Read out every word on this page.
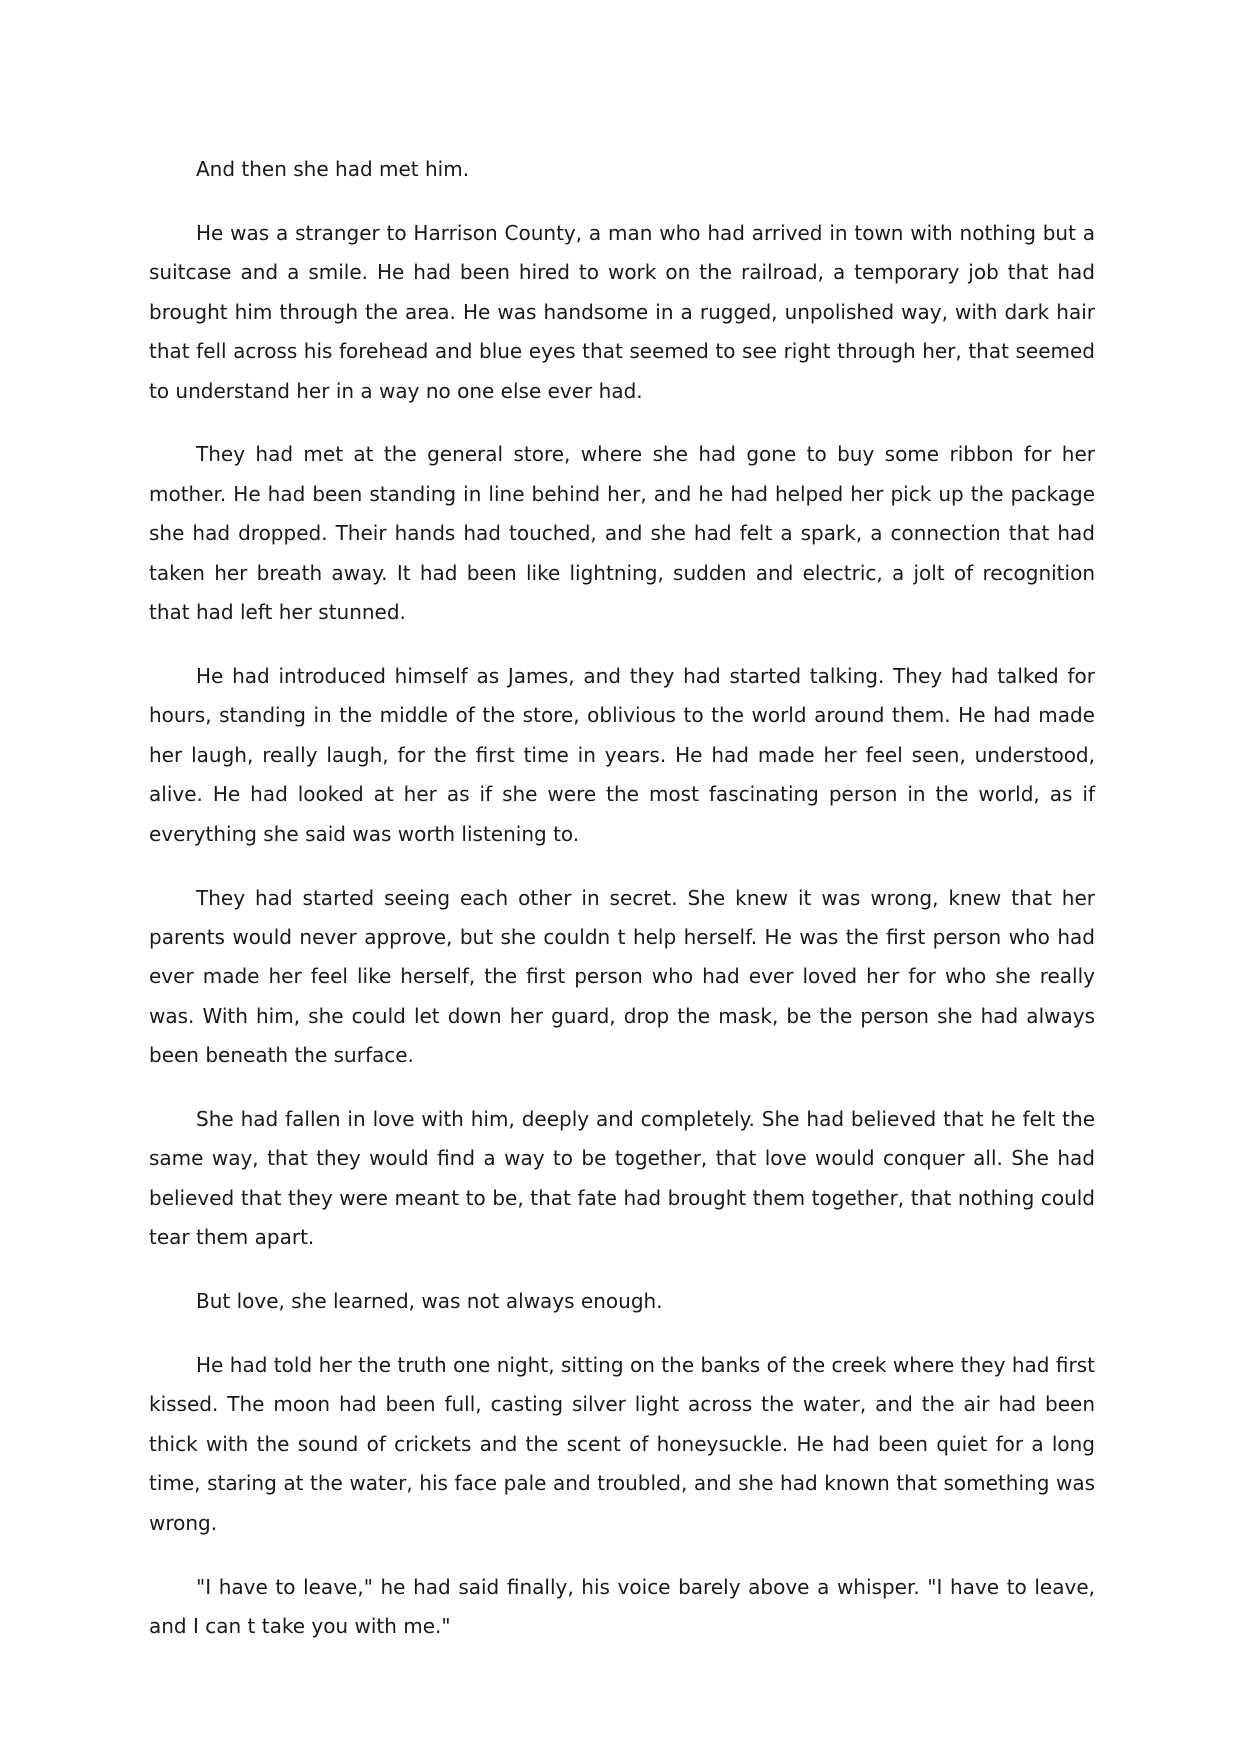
And then she had met him.

He was a stranger to Harrison County, a man who had arrived in town with nothing but a suitcase and a smile. He had been hired to work on the railroad, a temporary job that had brought him through the area. He was handsome in a rugged, unpolished way, with dark hair that fell across his forehead and blue eyes that seemed to see right through her, that seemed to understand her in a way no one else ever had.

They had met at the general store, where she had gone to buy some ribbon for her mother. He had been standing in line behind her, and he had helped her pick up the package she had dropped. Their hands had touched, and she had felt a spark, a connection that had taken her breath away. It had been like lightning, sudden and electric, a jolt of recognition that had left her stunned.

He had introduced himself as James, and they had started talking. They had talked for hours, standing in the middle of the store, oblivious to the world around them. He had made her laugh, really laugh, for the first time in years. He had made her feel seen, understood, alive. He had looked at her as if she were the most fascinating person in the world, as if everything she said was worth listening to.

They had started seeing each other in secret. She knew it was wrong, knew that her parents would never approve, but she couldn t help herself. He was the first person who had ever made her feel like herself, the first person who had ever loved her for who she really was. With him, she could let down her guard, drop the mask, be the person she had always been beneath the surface.

She had fallen in love with him, deeply and completely. She had believed that he felt the same way, that they would find a way to be together, that love would conquer all. She had believed that they were meant to be, that fate had brought them together, that nothing could tear them apart.

But love, she learned, was not always enough.

He had told her the truth one night, sitting on the banks of the creek where they had first kissed. The moon had been full, casting silver light across the water, and the air had been thick with the sound of crickets and the scent of honeysuckle. He had been quiet for a long time, staring at the water, his face pale and troubled, and she had known that something was wrong.

"I have to leave," he had said finally, his voice barely above a whisper. "I have to leave, and I can t take you with me."
